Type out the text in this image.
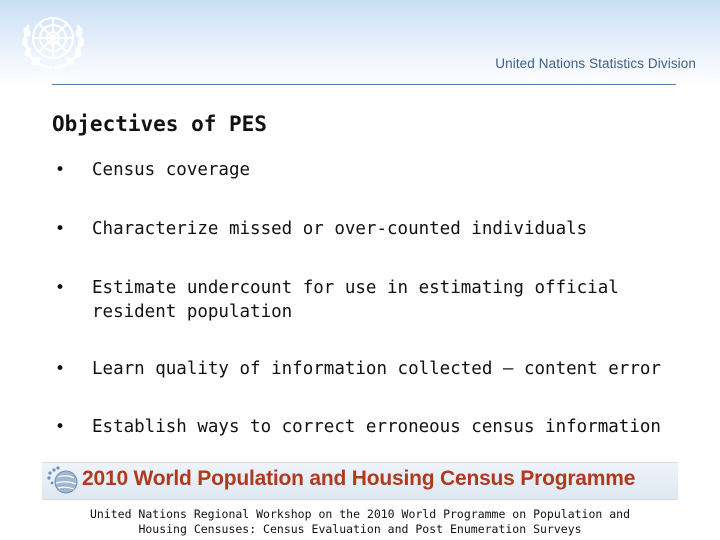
United Nations Statistics Division
Objectives of PES
• Census coverage
• Characterize missed or over-counted individuals
• Estimate undercount for use in estimating official
resident population
• Learn quality of information collected – content error
• Establish ways to correct erroneous census information
2010 World Population and Housing Census Programme
United Nations Regional Workshop on the 2010 World Programme on Population and
Housing Censuses: Census Evaluation and Post Enumeration Surveys
